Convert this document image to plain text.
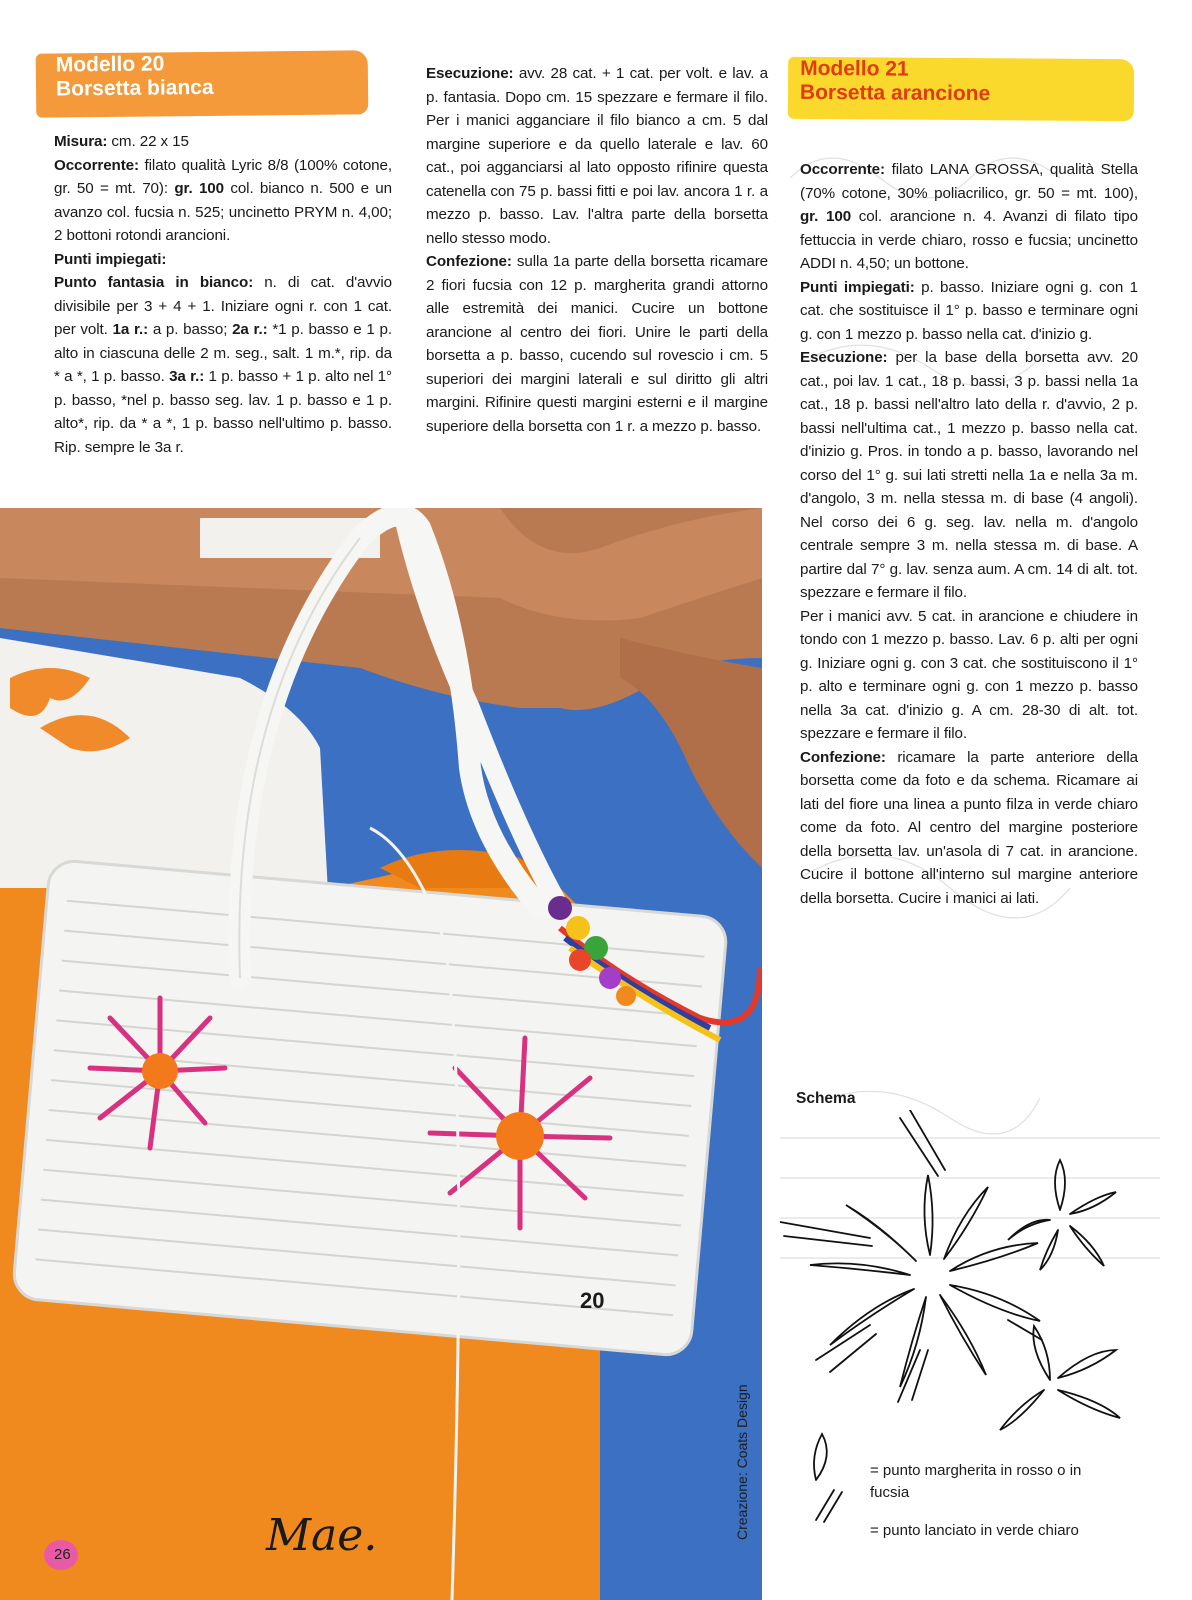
Modello 20
Borsetta bianca
Modello 21
Borsetta arancione

Misura: cm. 22 x 15

Occorrente: filato qualità Lyric 8/8 (100% cotone, gr. 50 = mt. 70): gr. 100 col. bianco n. 500 e un avanzo col. fucsia n. 525; uncinetto PRYM n. 4,00; 2 bottoni rotondi arancioni.

Punti impiegati:

Punto fantasia in bianco: n. di cat. d'avvio divisibile per 3 + 4 + 1. Iniziare ogni r. con 1 cat. per volt. 1a r.: a p. basso; 2a r.: *1 p. basso e 1 p. alto in ciascuna delle 2 m. seg., salt. 1 m.*, rip. da * a *, 1 p. basso. 3a r.: 1 p. basso + 1 p. alto nel 1° p. basso, *nel p. basso seg. lav. 1 p. basso e 1 p. alto*, rip. da * a *, 1 p. basso nell'ultimo p. basso. Rip. sempre le 3a r.

Esecuzione: avv. 28 cat. + 1 cat. per volt. e lav. a p. fantasia. Dopo cm. 15 spezzare e fermare il filo. Per i manici agganciare il filo bianco a cm. 5 dal margine superiore e da quello laterale e lav. 60 cat., poi agganciarsi al lato opposto rifinire questa catenella con 75 p. bassi fitti e poi lav. ancora 1 r. a mezzo p. basso. Lav. l'altra parte della borsetta nello stesso modo.

Confezione: sulla 1a parte della borsetta ricamare 2 fiori fucsia con 12 p. margherita grandi attorno alle estremità dei manici. Cucire un bottone arancione al centro dei fiori. Unire le parti della borsetta a p. basso, cucendo sul rovescio i cm. 5 superiori dei margini laterali e sul diritto gli altri margini. Rifinire questi margini esterni e il margine superiore della borsetta con 1 r. a mezzo p. basso.

Occorrente: filato LANA GROSSA, qualità Stella (70% cotone, 30% poliacrilico, gr. 50 = mt. 100), gr. 100 col. arancione n. 4. Avanzi di filato tipo fettuccia in verde chiaro, rosso e fucsia; uncinetto ADDI n. 4,50; un bottone.

Punti impiegati: p. basso. Iniziare ogni g. con 1 cat. che sostituisce il 1° p. basso e terminare ogni g. con 1 mezzo p. basso nella cat. d'inizio g.

Esecuzione: per la base della borsetta avv. 20 cat., poi lav. 1 cat., 18 p. bassi, 3 p. bassi nella 1a cat., 18 p. bassi nell'altro lato della r. d'avvio, 2 p. bassi nell'ultima cat., 1 mezzo p. basso nella cat. d'inizio g. Pros. in tondo a p. basso, lavorando nel corso del 1° g. sui lati stretti nella 1a e nella 3a m. d'angolo, 3 m. nella stessa m. di base (4 angoli). Nel corso dei 6 g. seg. lav. nella m. d'angolo centrale sempre 3 m. nella stessa m. di base. A partire dal 7° g. lav. senza aum. A cm. 14 di alt. tot. spezzare e fermare il filo.

Per i manici avv. 5 cat. in arancione e chiudere in tondo con 1 mezzo p. basso. Lav. 6 p. alti per ogni g. Iniziare ogni g. con 3 cat. che sostituiscono il 1° p. alto e terminare ogni g. con 1 mezzo p. basso nella 3a cat. d'inizio g. A cm. 28-30 di alt. tot. spezzare e fermare il filo.

Confezione: ricamare la parte anteriore della borsetta come da foto e da schema. Ricamare ai lati del fiore una linea a punto filza in verde chiaro come da foto. Al centro del margine posteriore della borsetta lav. un'asola di 7 cat. in arancione. Cucire il bottone all'interno sul margine anteriore della borsetta. Cucire i manici ai lati.

20
Creazione: Coats Design
Mae.
26
Schema
= punto margherita in rosso o in fucsia
= punto lanciato in verde chiaro
